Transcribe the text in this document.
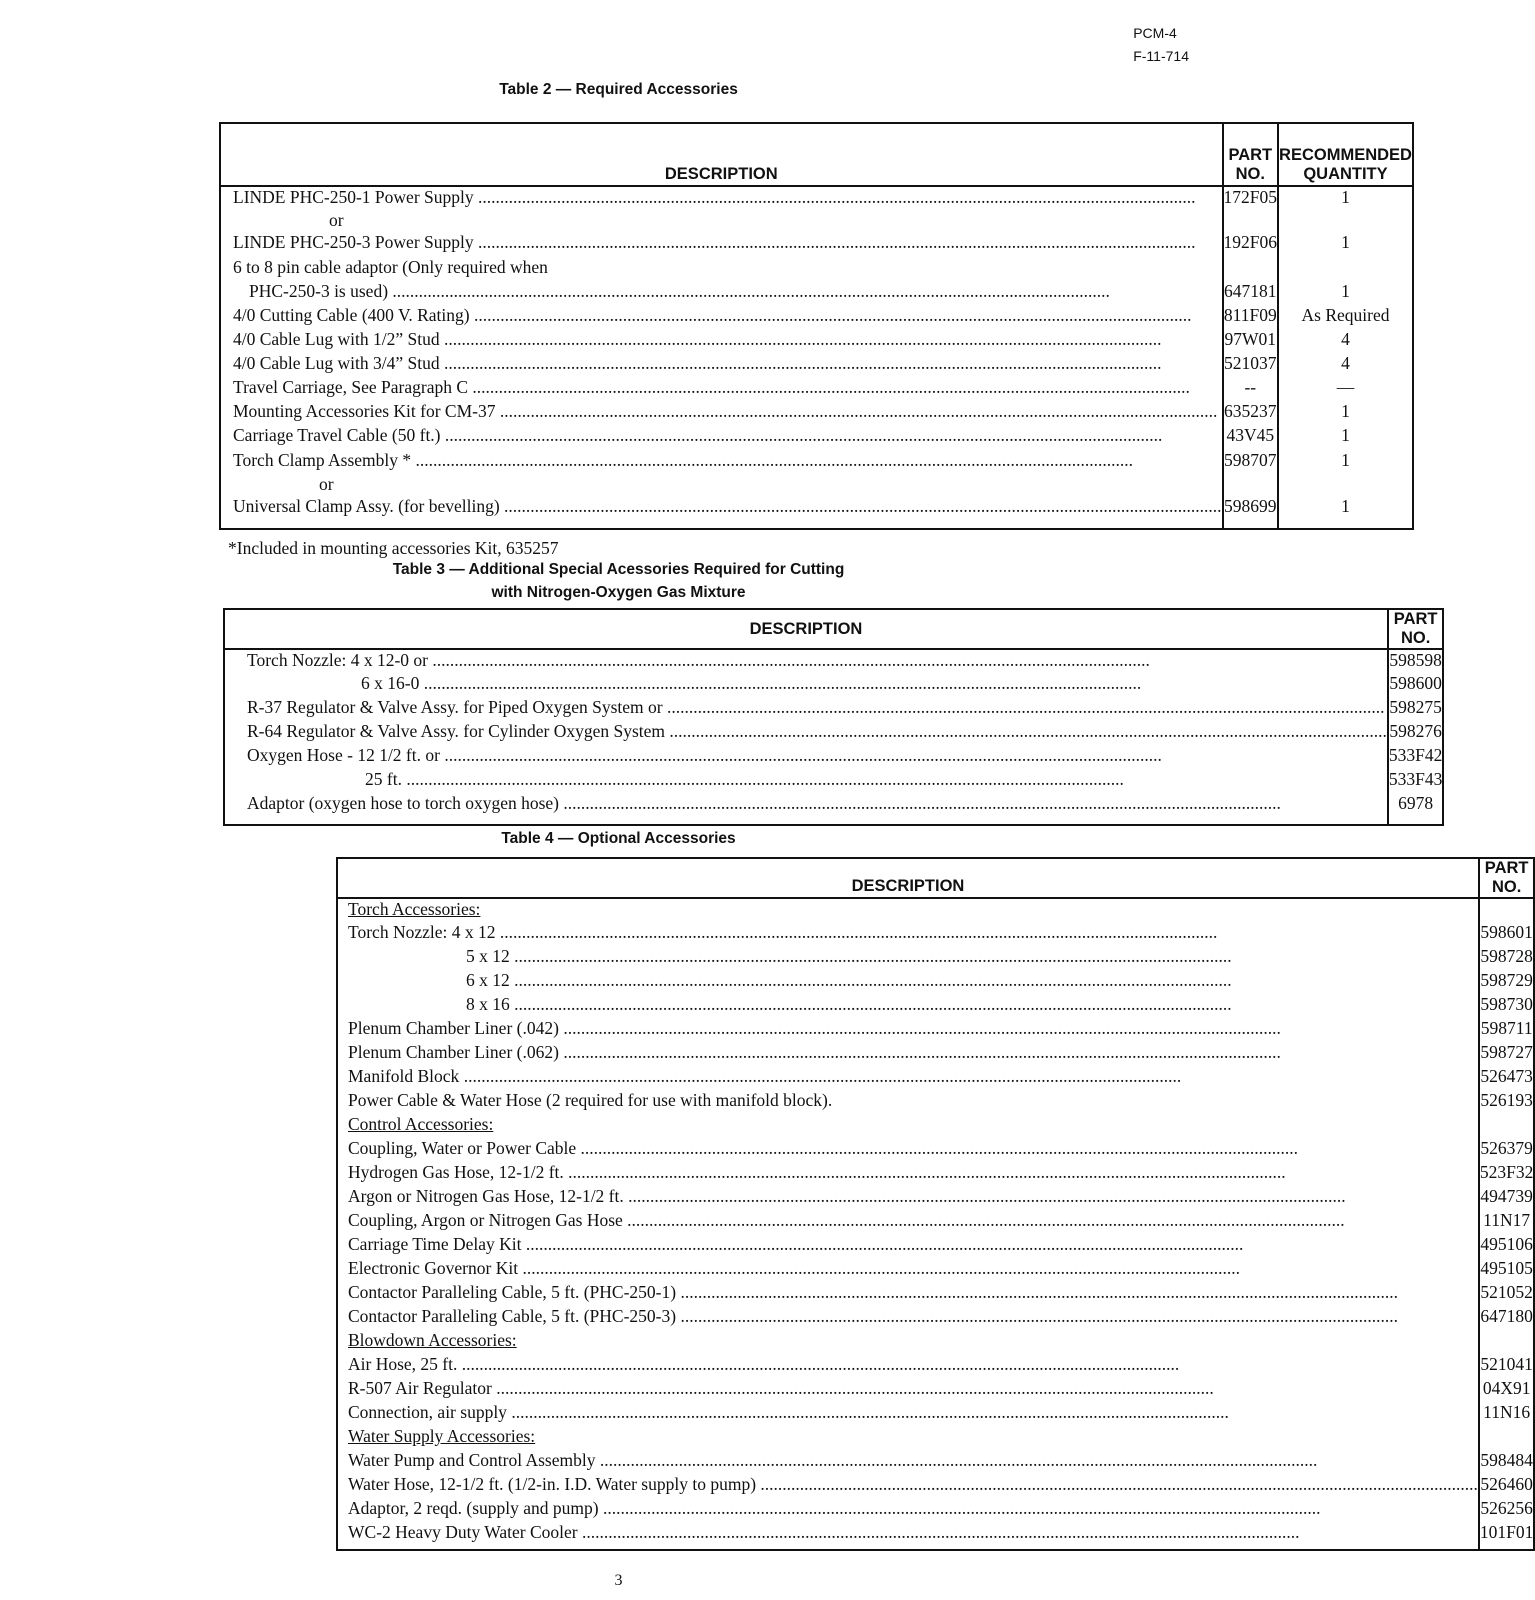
PCM-4
F-11-714
Table 2 — Required Accessories
DESCRIPTION	PART NO.	RECOMMENDED
QUANTITY

LINDE PHC-250-1 Power Supply .....	172F05	1

or		

LINDE PHC-250-3 Power Supply .....	192F06	1

6 to 8 pin cable adaptor (Only required when		

PHC-250-3 is used) .....	647181	1

4/0 Cutting Cable (400 V. Rating) .....	811F09	As Required

4/0 Cable Lug with 1/2” Stud .....	97W01	4

4/0 Cable Lug with 3/4” Stud .....	521037	4

Travel Carriage, See Paragraph C .....	--	—

Mounting Accessories Kit for CM-37 .....	635237	1

Carriage Travel Cable (50 ft.) .....	43V45	1

Torch Clamp Assembly * .....	598707	1

or		

Universal Clamp Assy. (for bevelling) .....	598699	1
*Included in mounting accessories Kit, 635257
Table 3 — Additional Special Acessories Required for Cutting
with Nitrogen-Oxygen Gas Mixture
DESCRIPTION	PART NO.

Torch Nozzle: 4 x 12-0 or .....	598598

6 x 16-0 .....	598600

R-37 Regulator & Valve Assy. for Piped Oxygen System or .....	598275

R-64 Regulator & Valve Assy. for Cylinder Oxygen System .....	598276

Oxygen Hose - 12 1/2 ft. or .....	533F42

25 ft. .....	533F43

Adaptor (oxygen hose to torch oxygen hose) .....	6978
Table 4 — Optional Accessories
DESCRIPTION	PART NO.

Torch Accessories:	

Torch Nozzle: 4 x 12 .....	598601

5 x 12 .....	598728

6 x 12 .....	598729

8 x 16 .....	598730

Plenum Chamber Liner (.042) .....	598711

Plenum Chamber Liner (.062) .....	598727

Manifold Block .....	526473

Power Cable & Water Hose (2 required for use with manifold block).	526193

Control Accessories:	

Coupling, Water or Power Cable .....	526379

Hydrogen Gas Hose, 12-1/2 ft. .....	523F32

Argon or Nitrogen Gas Hose, 12-1/2 ft. .....	494739

Coupling, Argon or Nitrogen Gas Hose .....	11N17

Carriage Time Delay Kit .....	495106

Electronic Governor Kit .....	495105

Contactor Paralleling Cable, 5 ft. (PHC-250-1) .....	521052

Contactor Paralleling Cable, 5 ft. (PHC-250-3) .....	647180

Blowdown Accessories:	

Air Hose, 25 ft. .....	521041

R-507 Air Regulator .....	04X91

Connection, air supply .....	11N16

Water Supply Accessories:	

Water Pump and Control Assembly .....	598484

Water Hose, 12-1/2 ft. (1/2-in. I.D. Water supply to pump) .....	526460

Adaptor, 2 reqd. (supply and pump) .....	526256

WC-2 Heavy Duty Water Cooler .....	101F01
3
